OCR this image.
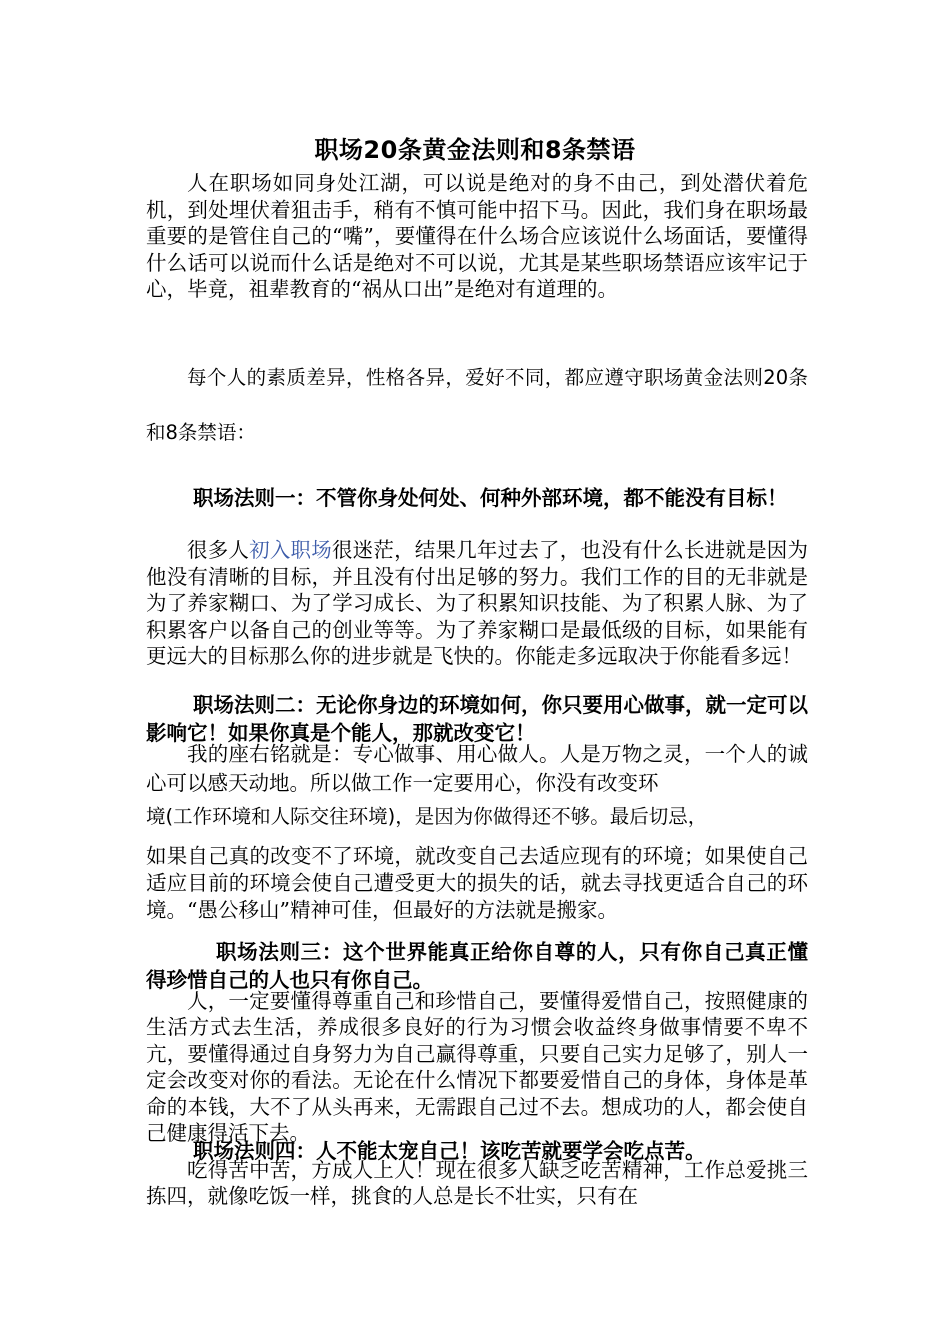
职场20条黄金法则和8条禁语

人在职场如同身处江湖，可以说是绝对的身不由己，到处潜伏着危机，到处埋伏着狙击手，稍有不慎可能中招下马。因此，我们身在职场最重要的是管住自己的“嘴”，要懂得在什么场合应该说什么场面话，要懂得什么话可以说而什么话是绝对不可以说，尤其是某些职场禁语应该牢记于心，毕竟，祖辈教育的“祸从口出”是绝对有道理的。

每个人的素质差异，性格各异，爱好不同，都应遵守职场黄金法则20条和8条禁语：

职场法则一：不管你身处何处、何种外部环境，都不能没有目标！

很多人初入职场很迷茫，结果几年过去了，也没有什么长进就是因为他没有清晰的目标，并且没有付出足够的努力。我们工作的目的无非就是为了养家糊口、为了学习成长、为了积累知识技能、为了积累人脉、为了积累客户以备自己的创业等等。为了养家糊口是最低级的目标，如果能有更远大的目标那么你的进步就是飞快的。你能走多远取决于你能看多远！

职场法则二：无论你身边的环境如何，你只要用心做事，就一定可以影响它！如果你真是个能人，那就改变它！

我的座右铭就是：专心做事、用心做人。人是万物之灵，一个人的诚心可以感天动地。所以做工作一定要用心，你没有改变环

境(工作环境和人际交往环境)，是因为你做得还不够。最后切忌，

如果自己真的改变不了环境，就改变自己去适应现有的环境；如果使自己适应目前的环境会使自己遭受更大的损失的话，就去寻找更适合自己的环境。“愚公移山”精神可佳，但最好的方法就是搬家。

职场法则三：这个世界能真正给你自尊的人，只有你自己真正懂得珍惜自己的人也只有你自己。

人，一定要懂得尊重自己和珍惜自己，要懂得爱惜自己，按照健康的生活方式去生活，养成很多良好的行为习惯会收益终身做事情要不卑不亢，要懂得通过自身努力为自己赢得尊重，只要自己实力足够了，别人一定会改变对你的看法。无论在什么情况下都要爱惜自己的身体，身体是革命的本钱，大不了从头再来，无需跟自己过不去。想成功的人，都会使自己健康得活下去。

职场法则四：人不能太宠自己！该吃苦就要学会吃点苦。

吃得苦中苦，方成人上人！现在很多人缺乏吃苦精神，工作总爱挑三拣四，就像吃饭一样，挑食的人总是长不壮实，只有在
